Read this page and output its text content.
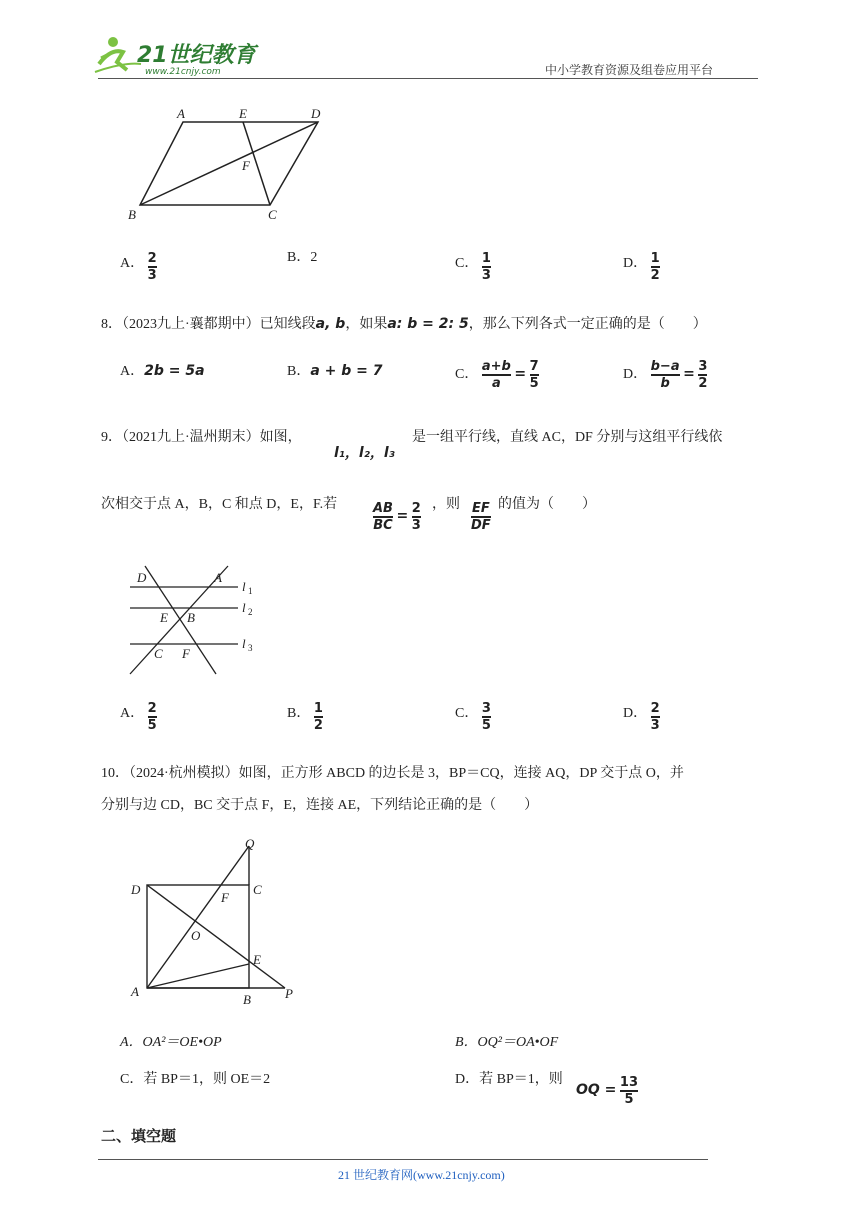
21世纪教育
www.21cnjy.com	中小学教育资源及组卷应用平台
A	E	D
F
B	C
A． $\frac{2}{3}$	B．2	C． $\frac{1}{3}$	D． $\frac{1}{2}$
8．（2023九上·襄都期中）已知线段a, b，如果a: b = 2: 5，那么下列各式一定正确的是（　　）
A．2b = 5a	B．a + b = 7	C． $\frac{a+b}{a} = \frac{7}{5}$	D． $\frac{b-a}{b} = \frac{3}{2}$
9．（2021九上·温州期末）如图，
l₁，l₂，l₃
是一组平行线，直线 AC，DF 分别与这组平行线依
次相交于点 A，B，C 和点 D，E，F.若	$\frac{AB}{BC} = \frac{2}{3}$ ，则 $\frac{EF}{DF}$ 的值为（　　）
D	A
E B
C F
l 1
l 2
l 3
A． $\frac{2}{5}$	B． $\frac{1}{2}$	C． $\frac{3}{5}$	D． $\frac{2}{3}$
10．（2024·杭州模拟）如图，正方形 ABCD 的边长是 3，BP＝CQ，连接 AQ，DP 交于点 O，并
分别与边 CD，BC 交于点 F，E，连接 AE，下列结论正确的是（　　）
Q
D	C
F
O
E
A
B	P
A．OA²＝OE•OP	B．OQ²＝OA•OF
C．若 BP＝1，则 OE＝2	D．若 BP＝1，则
OQ = $\frac{13}{5}$
二、填空题
21 世纪教育网(www.21cnjy.com)
